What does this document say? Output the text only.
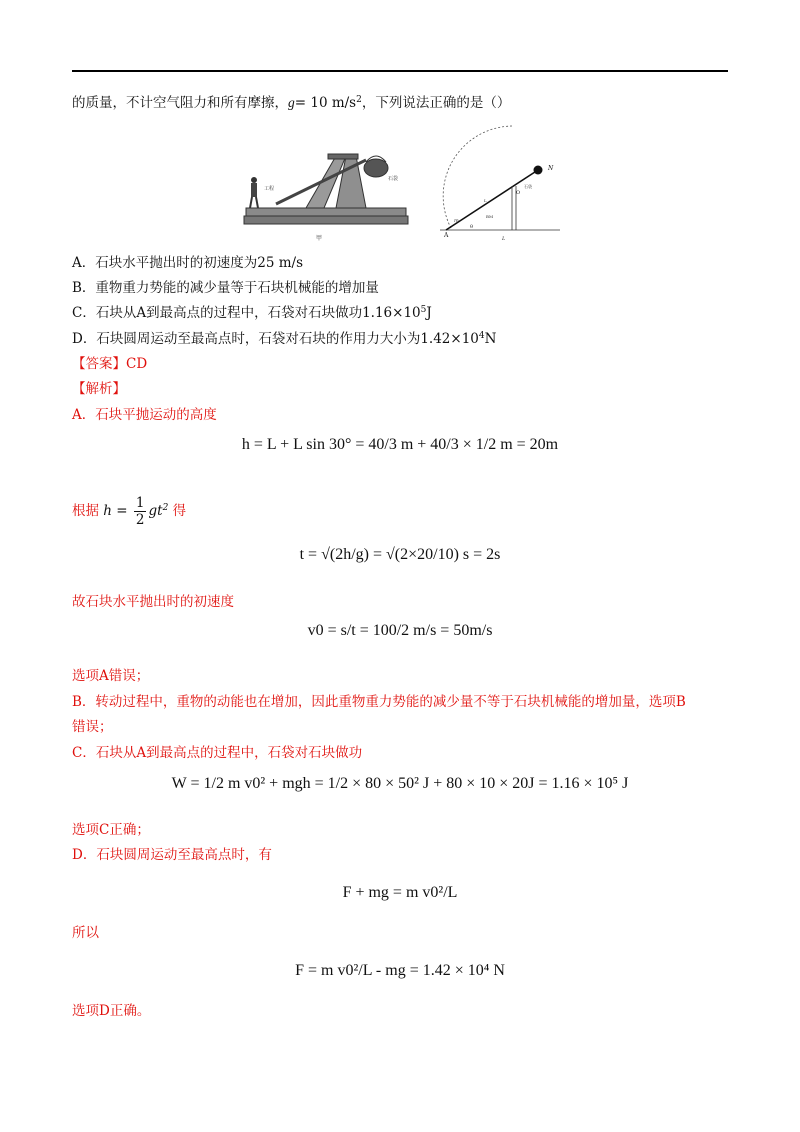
的质量，不计空气阻力和所有摩擦，g= 10 $m/s^2$，下列说法正确的是（）
工程
石袋
甲	A
N
O
石袋
BM
m
θ
L
L
A．石块水平抛出时的初速度为25 m/s
B．重物重力势能的减少量等于石块机械能的增加量
C．石块从A到最高点的过程中，石袋对石块做功$1.16\times 10^5J$
D．石块圆周运动至最高点时，石袋对石块的作用力大小为$1.42\times 10^4N$
【答案】CD
【解析】
A．石块平抛运动的高度
h = L + L sin 30° = 40/3 m + 40/3 × 1/2 m = 20m
根据 $h = \frac{1}{2} gt^2$ 得
t = √(2h/g) = √(2×20/10) s = 2s
故石块水平抛出时的初速度
v0 = s/t = 100/2 m/s = 50m/s
选项A错误；
B．转动过程中，重物的动能也在增加，因此重物重力势能的减少量不等于石块机械能的增加量，选项B
错误；
C．石块从A到最高点的过程中，石袋对石块做功
W = 1/2 m v0² + mgh = 1/2 × 80 × 50² J + 80 × 10 × 20J = 1.16 × 10⁵ J
选项C正确；
D．石块圆周运动至最高点时，有
F + mg = m v0²/L
所以
F = m v0²/L - mg = 1.42 × 10⁴ N
选项D正确。
